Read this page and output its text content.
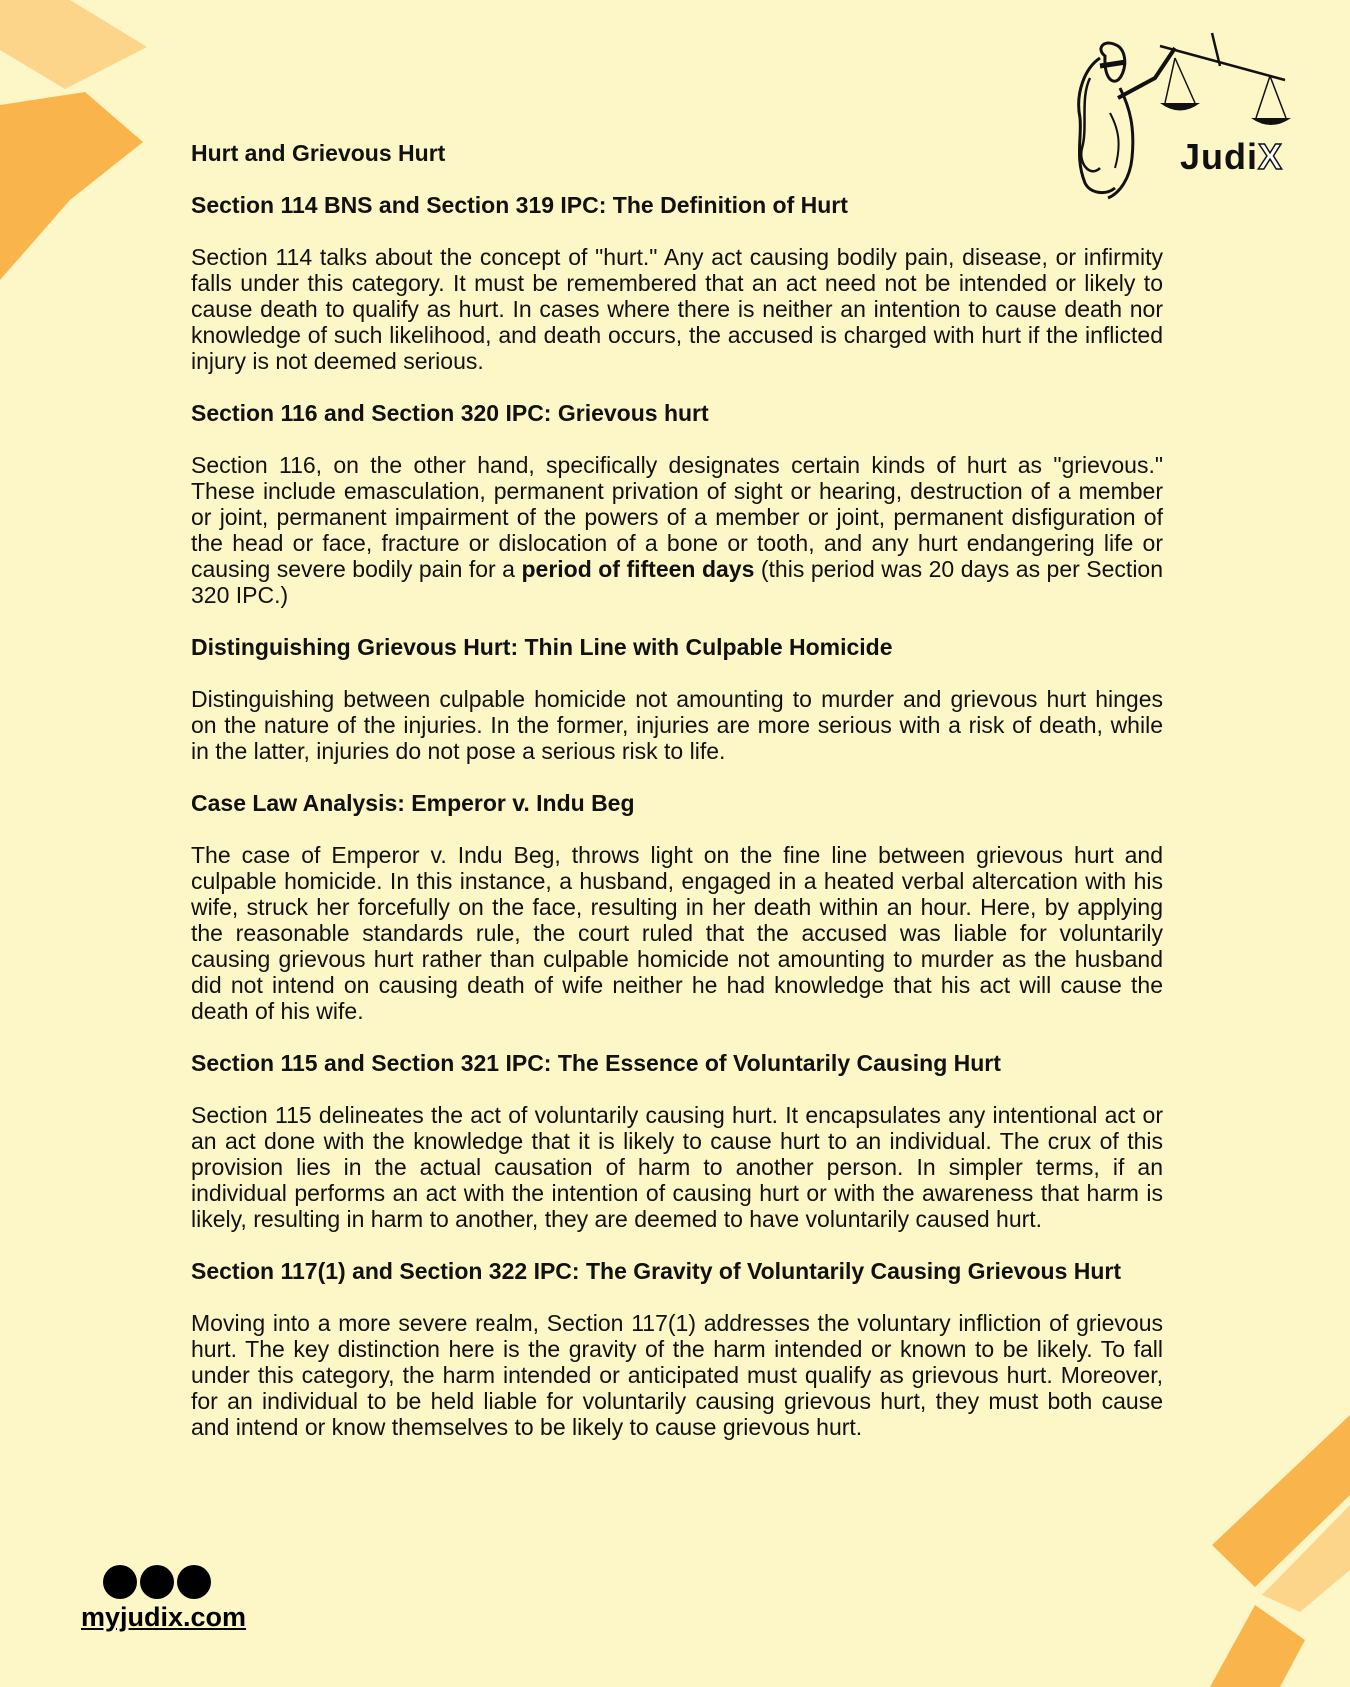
JudiX
Hurt and Grievous Hurt
Section 114 BNS and Section 319 IPC: The Definition of Hurt

Section 114 talks about the concept of "hurt." Any act causing bodily pain, disease, or infirmity falls under this category. It must be remembered that an act need not be intended or likely to cause death to qualify as hurt. In cases where there is neither an intention to cause death nor knowledge of such likelihood, and death occurs, the accused is charged with hurt if the inflicted injury is not deemed serious.

Section 116 and Section 320 IPC: Grievous hurt

Section 116, on the other hand, specifically designates certain kinds of hurt as "grievous." These include emasculation, permanent privation of sight or hearing, destruction of a member or joint, permanent impairment of the powers of a member or joint, permanent disfiguration of the head or face, fracture or dislocation of a bone or tooth, and any hurt endangering life or causing severe bodily pain for a period of fifteen days (this period was 20 days as per Section 320 IPC.)

Distinguishing Grievous Hurt: Thin Line with Culpable Homicide

Distinguishing between culpable homicide not amounting to murder and grievous hurt hinges on the nature of the injuries. In the former, injuries are more serious with a risk of death, while in the latter, injuries do not pose a serious risk to life.

Case Law Analysis: Emperor v. Indu Beg

The case of Emperor v. Indu Beg, throws light on the fine line between grievous hurt and culpable homicide. In this instance, a husband, engaged in a heated verbal altercation with his wife, struck her forcefully on the face, resulting in her death within an hour. Here, by applying the reasonable standards rule, the court ruled that the accused was liable for voluntarily causing grievous hurt rather than culpable homicide not amounting to murder as the husband did not intend on causing death of wife neither he had knowledge that his act will cause the death of his wife.

Section 115 and Section 321 IPC: The Essence of Voluntarily Causing Hurt

Section 115 delineates the act of voluntarily causing hurt. It encapsulates any intentional act or an act done with the knowledge that it is likely to cause hurt to an individual. The crux of this provision lies in the actual causation of harm to another person. In simpler terms, if an individual performs an act with the intention of causing hurt or with the awareness that harm is likely, resulting in harm to another, they are deemed to have voluntarily caused hurt.

Section 117(1) and Section 322 IPC: The Gravity of Voluntarily Causing Grievous Hurt

Moving into a more severe realm, Section 117(1) addresses the voluntary infliction of grievous hurt. The key distinction here is the gravity of the harm intended or known to be likely. To fall under this category, the harm intended or anticipated must qualify as grievous hurt. Moreover, for an individual to be held liable for voluntarily causing grievous hurt, they must both cause and intend or know themselves to be likely to cause grievous hurt.

myjudix.com
